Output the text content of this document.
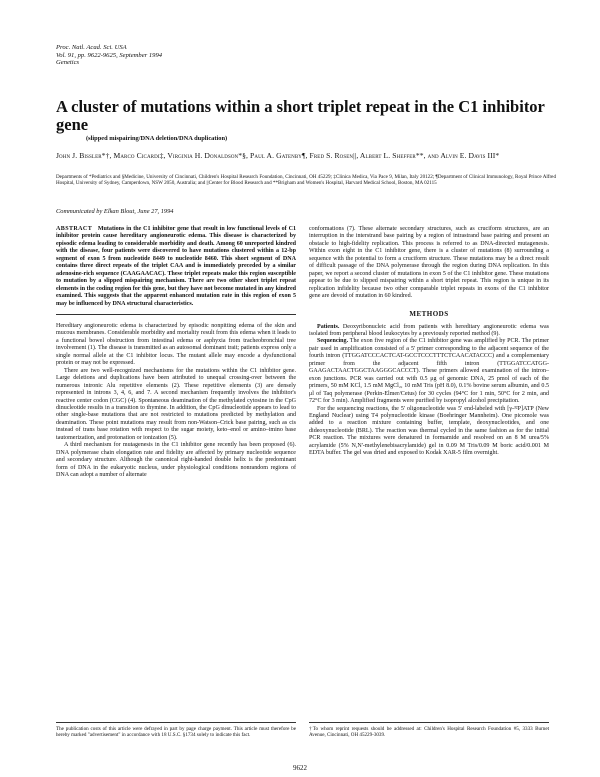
Proc. Natl. Acad. Sci. USA
Vol. 91, pp. 9622-9625, September 1994
Genetics
A cluster of mutations within a short triplet repeat in the C1 inhibitor gene
(slipped mispairing/DNA deletion/DNA duplication)
John J. Bissler*†, Marco Cicardi‡, Virginia H. Donaldson*§, Paul A. Gatenby¶, Fred S. Rosen||, Albert L. Sheffer**, and Alvin E. Davis III*
Departments of *Pediatrics and §Medicine, University of Cincinnati, Children's Hospital Research Foundation, Cincinnati, OH 45229; ‡Clinica Medica, Via Pace 9, Milan, Italy 20122; ¶Department of Clinical Immunology, Royal Prince Alfred Hospital, University of Sydney, Camperdown, NSW 2050, Australia; and ||Center for Blood Research and **Brigham and Women's Hospital, Harvard Medical School, Boston, MA 02115
Communicated by Elkan Blout, June 27, 1994

ABSTRACT Mutations in the C1 inhibitor gene that result in low functional levels of C1 inhibitor protein cause hereditary angioneurotic edema. This disease is characterized by episodic edema leading to considerable morbidity and death. Among 60 unreported kindred with the disease, four patients were discovered to have mutations clustered within a 12-bp segment of exon 5 from nucleotide 8449 to nucleotide 8460. This short segment of DNA contains three direct repeats of the triplet CAA and is immediately preceded by a similar adenosine-rich sequence (CAAGAACAC). These triplet repeats make this region susceptible to mutation by a slipped mispairing mechanism. There are two other short triplet repeat elements in the coding region for this gene, but they have not become mutated in any kindred examined. This suggests that the apparent enhanced mutation rate in this region of exon 5 may be influenced by DNA structural characteristics.

Hereditary angioneurotic edema is characterized by episodic nonpitting edema of the skin and mucous membranes. Considerable morbidity and mortality result from this edema when it leads to a functional bowel obstruction from intestinal edema or asphyxia from tracheobronchial tree involvement (1). The disease is transmitted as an autosomal dominant trait; patients express only a single normal allele at the C1 inhibitor locus. The mutant allele may encode a dysfunctional protein or may not be expressed.

There are two well-recognized mechanisms for the mutations within the C1 inhibitor gene. Large deletions and duplications have been attributed to unequal crossing-over between the numerous intronic Alu repetitive elements (2). These repetitive elements (3) are densely represented in introns 3, 4, 6, and 7. A second mechanism frequently involves the inhibitor's reactive center codon (CGC) (4). Spontaneous deamination of the methylated cytosine in the CpG dinucleotide results in a transition to thymine. In addition, the CpG dinucleotide appears to lead to other single-base mutations that are not restricted to mutations predicted by methylation and deamination. These point mutations may result from non-Watson–Crick base pairing, such as cis instead of trans base rotation with respect to the sugar moiety, keto–enol or amino–imino base tautomerization, and protonation or ionization (5).

A third mechanism for mutagenesis in the C1 inhibitor gene recently has been proposed (6). DNA polymerase chain elongation rate and fidelity are affected by primary nucleotide sequence and secondary structure. Although the canonical right-handed double helix is the predominant form of DNA in the eukaryotic nucleus, under physiological conditions nonrandom regions of DNA can adopt a number of alternate

conformations (7). These alternate secondary structures, such as cruciform structures, are an interruption in the interstrand base pairing by a region of intrastrand base pairing and present an obstacle to high-fidelity replication. This process is referred to as DNA-directed mutagenesis. Within exon eight in the C1 inhibitor gene, there is a cluster of mutations (8) surrounding a sequence with the potential to form a cruciform structure. These mutations may be a direct result of difficult passage of the DNA polymerase through the region during DNA replication. In this paper, we report a second cluster of mutations in exon 5 of the C1 inhibitor gene. These mutations appear to be due to slipped mispairing within a short triplet repeat. This region is unique in its replication infidelity because two other comparable triplet repeats in exons of the C1 inhibitor gene are devoid of mutation in 60 kindred.

METHODS

Patients. Deoxyribonucleic acid from patients with hereditary angioneurotic edema was isolated from peripheral blood leukocytes by a previously reported method (9).

Sequencing. The exon five region of the C1 inhibitor gene was amplified by PCR. The primer pair used in amplification consisted of a 5' primer corresponding to the adjacent sequence of the fourth intron (TTGGATCCCACTCAT-GCCTCCCTTTCTCAACATACCC) and a complementary primer from the adjacent fifth intron (TTGGATCCATGG-GAAGACTAACTGGCTAAGGGCACCCT). These primers allowed examination of the intron–exon junctions. PCR was carried out with 0.5 μg of genomic DNA, 25 pmol of each of the primers, 50 mM KCl, 1.5 mM MgCl₂, 10 mM Tris (pH 8.0), 0.1% bovine serum albumin, and 0.5 μl of Taq polymerase (Perkin-Elmer/Cetus) for 30 cycles (94°C for 1 min, 50°C for 2 min, and 72°C for 3 min). Amplified fragments were purified by isopropyl alcohol precipitation.

For the sequencing reactions, the 5' oligonucleotide was 5' end-labeled with [γ-³²P]ATP (New England Nuclear) using T4 polynucleotide kinase (Boehringer Mannheim). One picomole was added to a reaction mixture containing buffer, template, deoxynucleotides, and one dideoxynucleotide (BRL). The reaction was thermal cycled in the same fashion as for the initial PCR reaction. The mixtures were denatured in formamide and resolved on an 8 M urea/5% acrylamide (5% N,N'-methylenebisacrylamide) gel in 0.09 M Tris/0.09 M boric acid/0.001 M EDTA buffer. The gel was dried and exposed to Kodak XAR-5 film overnight.

The publication costs of this article were defrayed in part by page charge payment. This article must therefore be hereby marked "advertisement" in accordance with 18 U.S.C. §1734 solely to indicate this fact.
†To whom reprint requests should be addressed at: Children's Hospital Research Foundation #5, 3333 Burnet Avenue, Cincinnati, OH 45229-3039.
9622
